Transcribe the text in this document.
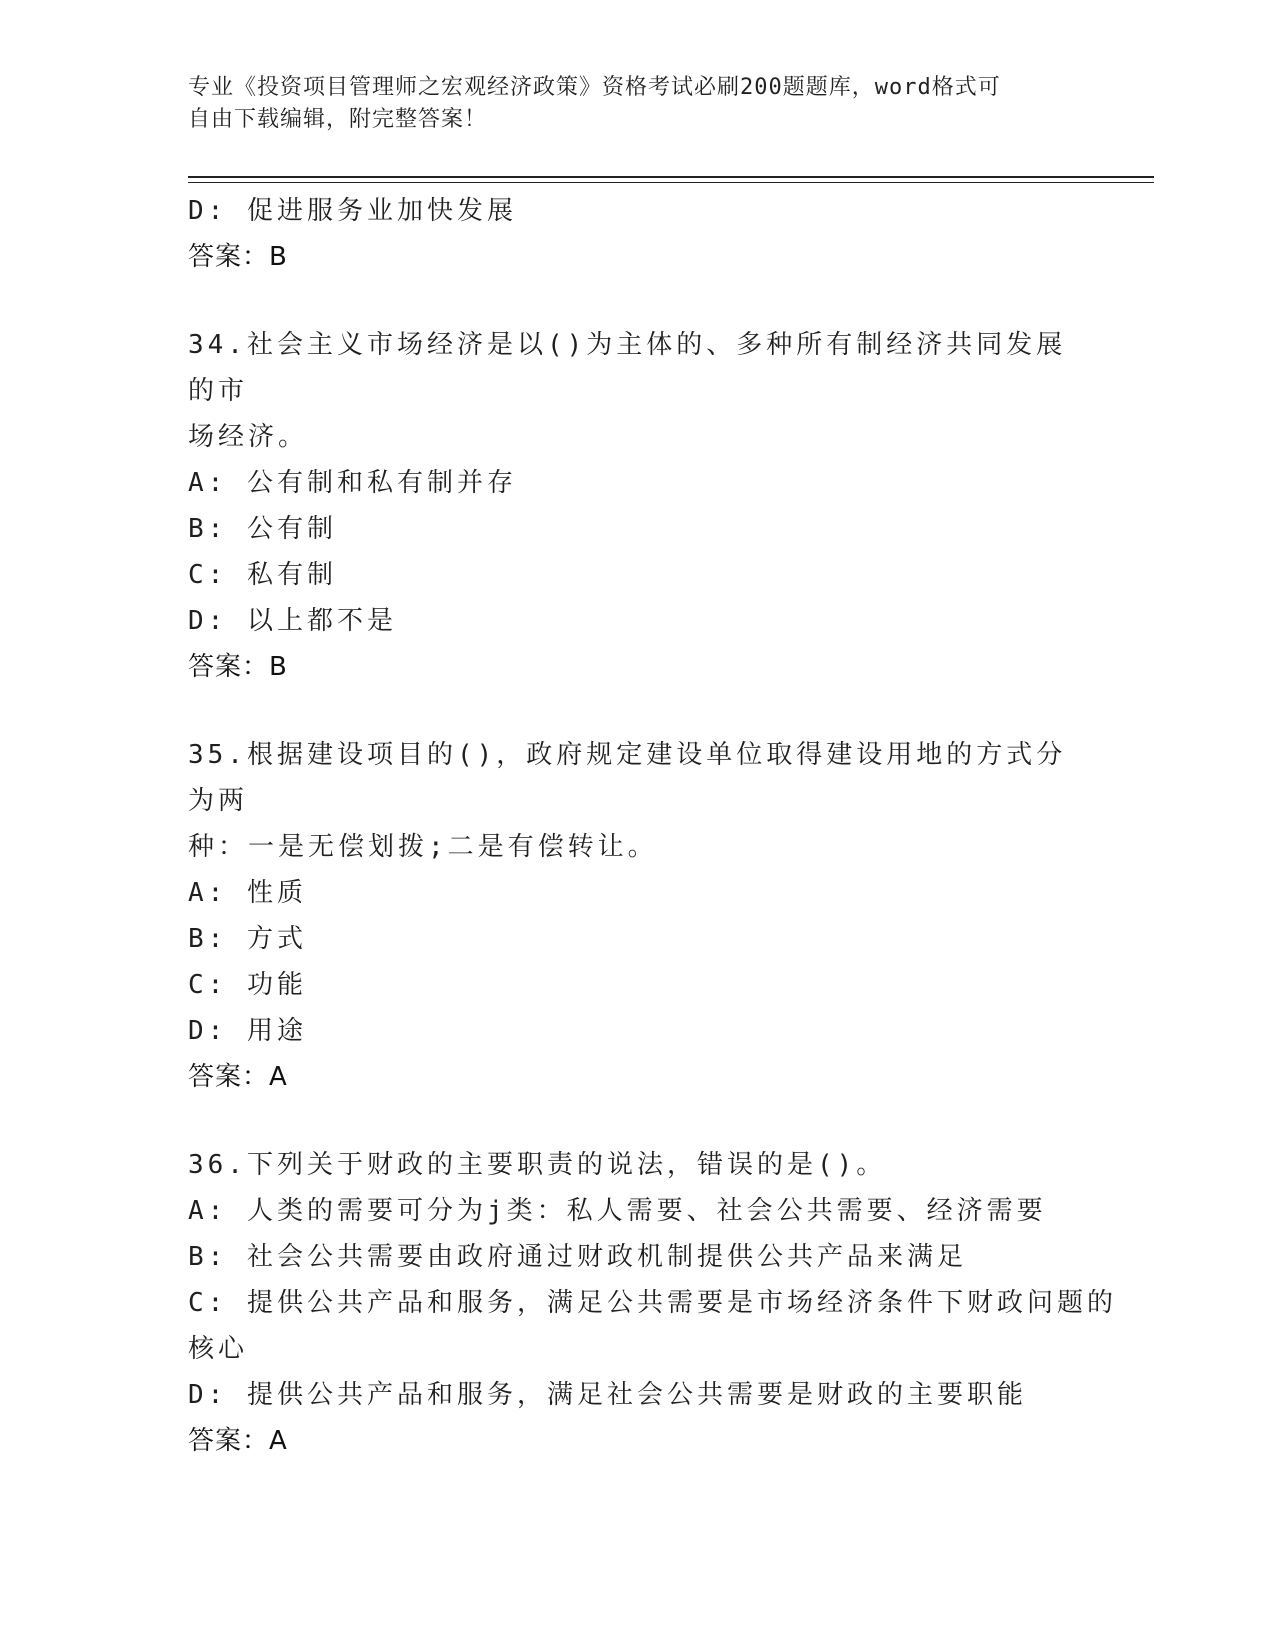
专业《投资项目管理师之宏观经济政策》资格考试必刷200题题库，word格式可
自由下载编辑，附完整答案！
D: 促进服务业加快发展
答案：B
34.社会主义市场经济是以()为主体的、多种所有制经济共同发展的市
场经济。
A: 公有制和私有制并存
B: 公有制
C: 私有制
D: 以上都不是
答案：B
35.根据建设项目的()，政府规定建设单位取得建设用地的方式分为两
种：一是无偿划拨;二是有偿转让。
A: 性质
B: 方式
C: 功能
D: 用途
答案：A
36.下列关于财政的主要职责的说法，错误的是()。
A: 人类的需要可分为j类：私人需要、社会公共需要、经济需要
B: 社会公共需要由政府通过财政机制提供公共产品来满足
C: 提供公共产品和服务，满足公共需要是市场经济条件下财政问题的
核心
D: 提供公共产品和服务，满足社会公共需要是财政的主要职能
答案：A
